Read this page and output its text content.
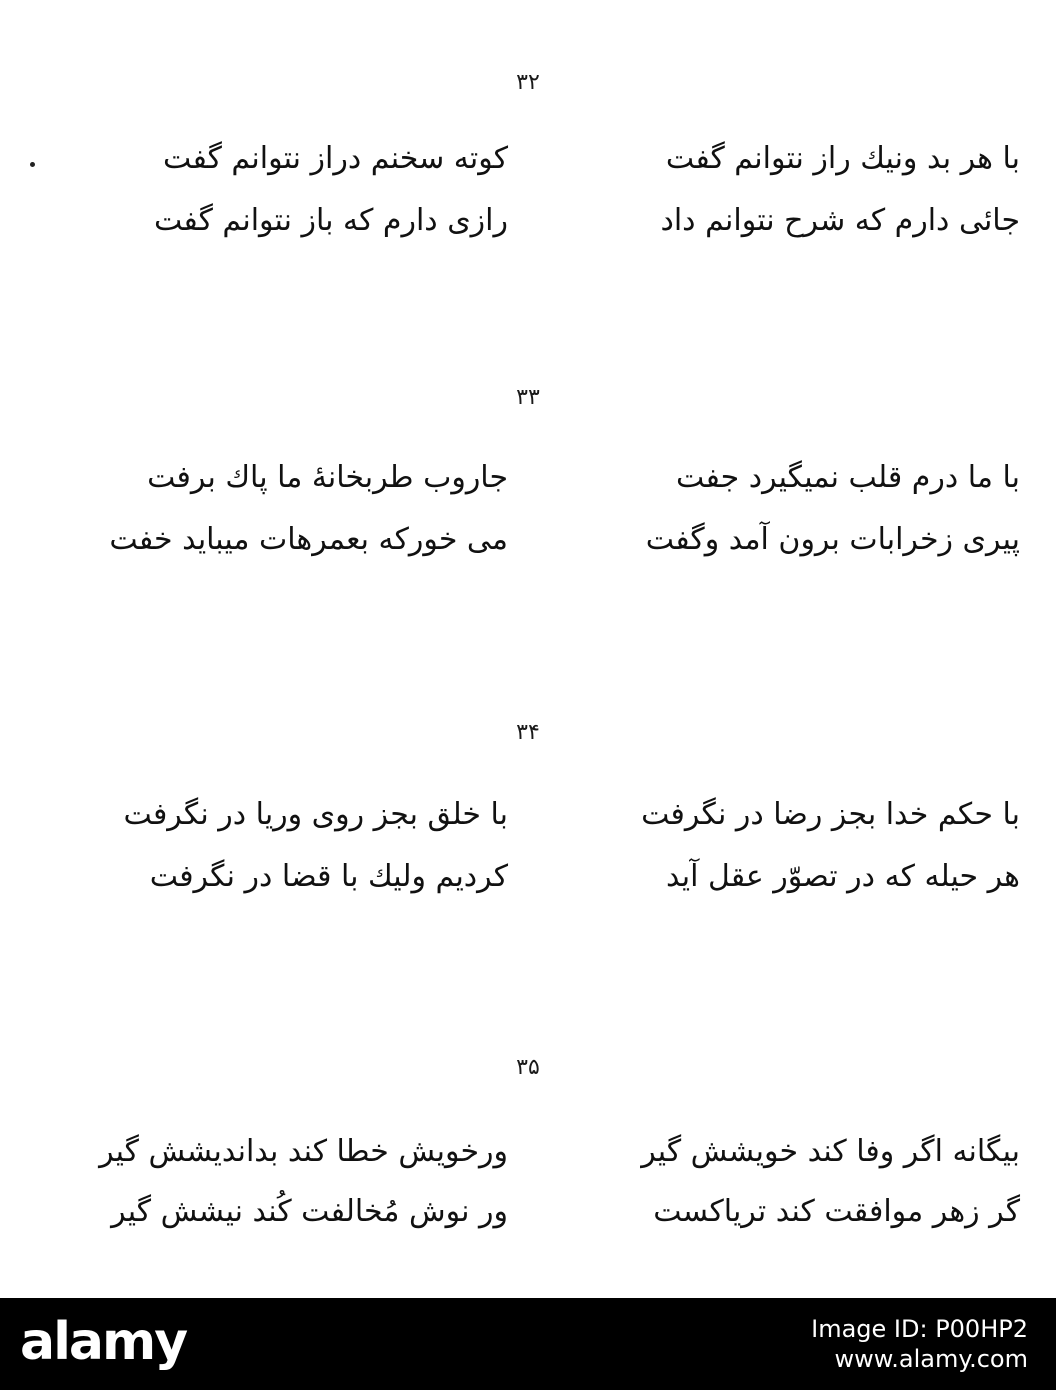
۳۲
با هر بد ونیك راز نتوانم گفت
كوته سخنم دراز نتوانم گفت
جائی دارم كه شرح نتوانم داد
رازی دارم كه باز نتوانم گفت
۳۳
با ما درم قلب نمیگیرد جفت
جاروب طربخانهٔ ما پاك برفت
پیری زخرابات برون آمد وگفت
می خوركه بعمرهات میباید خفت
۳۴
با حكم خدا بجز رضا در نگرفت
با خلق بجز روی وریا در نگرفت
هر حیله كه در تصوّر عقل آید
كردیم ولیك با قضا در نگرفت
۳۵
بیگانه اگر وفا كند خویشش گیر
ورخویش خطا كند بداندیشش گیر
گر زهر موافقت كند تریاكست
ور نوش مُخالفت كُند نیشش گیر
alamy	Image ID: P00HP2
www.alamy.com
